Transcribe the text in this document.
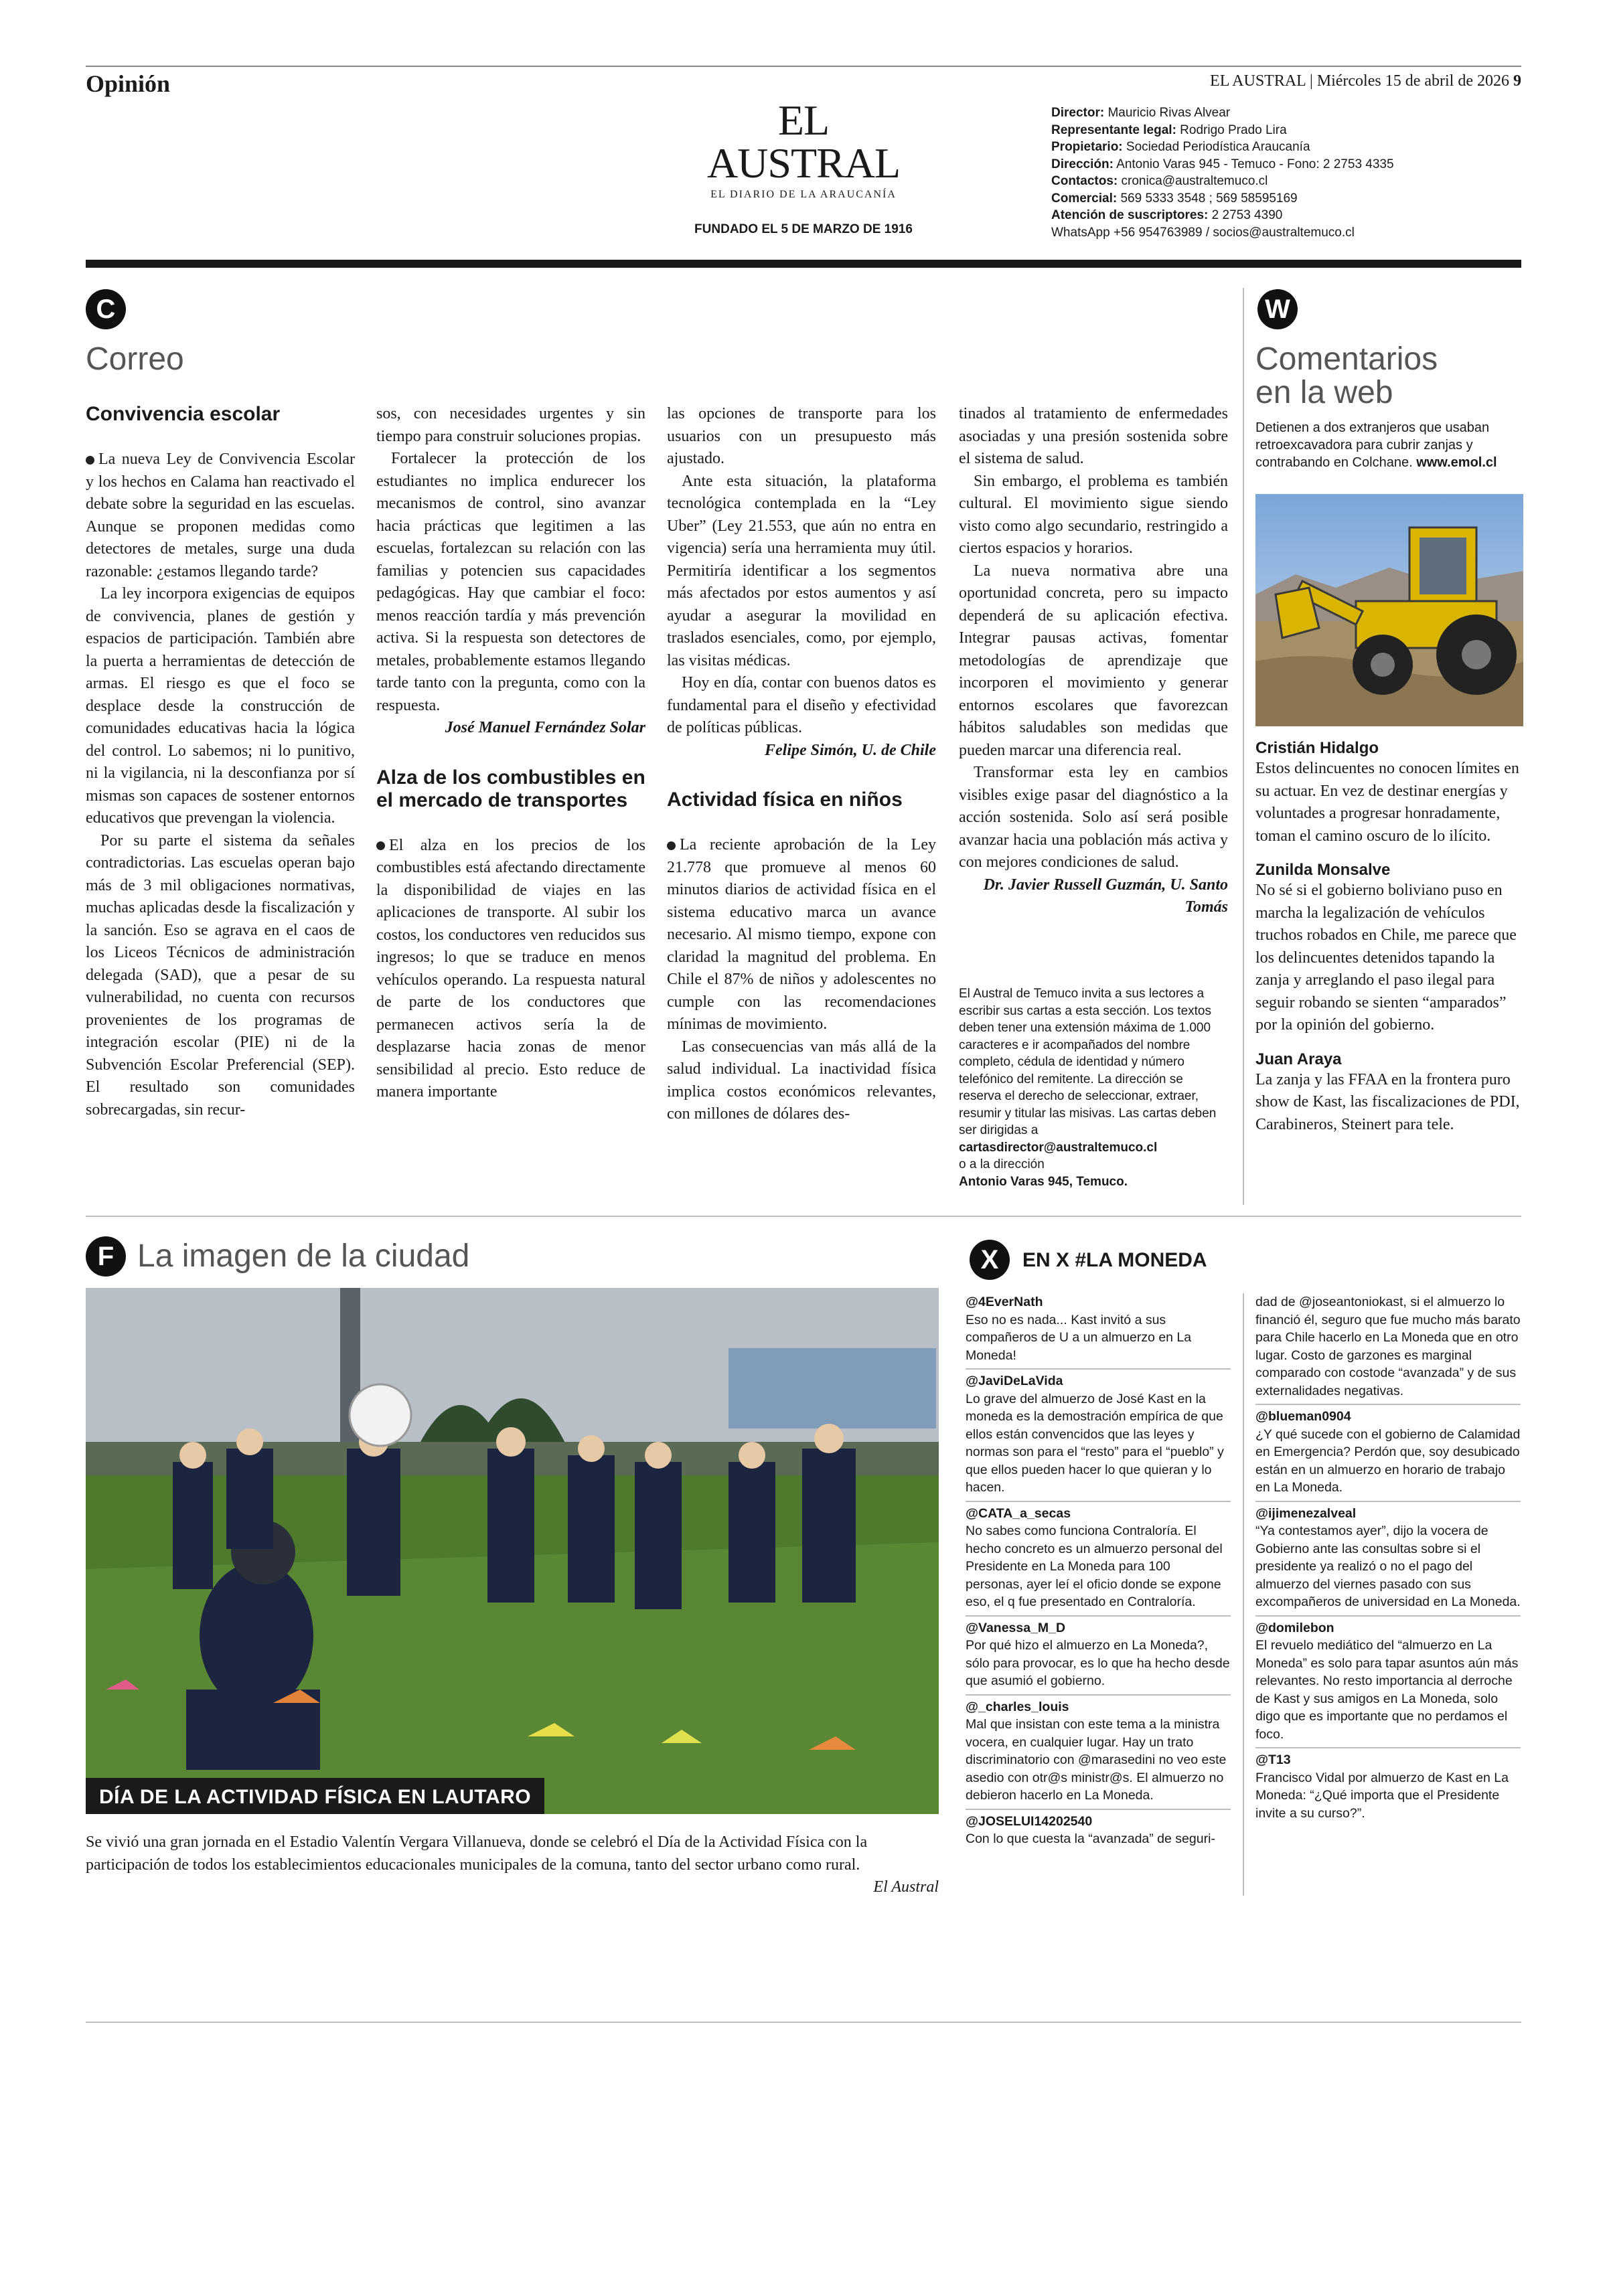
Opinión	EL AUSTRAL | Miércoles 15 de abril de 2026 9
EL AUSTRAL
EL DIARIO DE LA ARAUCANÍA
FUNDADO EL 5 DE MARZO DE 1916
Director: Mauricio Rivas Alvear
Representante legal: Rodrigo Prado Lira
Propietario: Sociedad Periodística Araucanía
Dirección: Antonio Varas 945 - Temuco - Fono: 2 2753 4335
Contactos: cronica@australtemuco.cl
Comercial: 569 5333 3548 ; 569 58595169
Atención de suscriptores: 2 2753 4390
WhatsApp +56 954763989 / socios@australtemuco.cl
C
Correo
Convivencia escolar

La nueva Ley de Convivencia Escolar y los hechos en Calama han reactivado el debate sobre la seguridad en las escuelas. Aunque se proponen medidas como detectores de metales, surge una duda razonable: ¿estamos llegando tarde?

La ley incorpora exigencias de equipos de convivencia, planes de gestión y espacios de participación. También abre la puerta a herramientas de detección de armas. El riesgo es que el foco se desplace desde la construcción de comunidades educativas hacia la lógica del control. Lo sabemos; ni lo punitivo, ni la vigilancia, ni la desconfianza por sí mismas son capaces de sostener entornos educativos que prevengan la violencia.

Por su parte el sistema da señales contradictorias. Las escuelas operan bajo más de 3 mil obligaciones normativas, muchas aplicadas desde la fiscalización y la sanción. Eso se agrava en el caos de los Liceos Técnicos de administración delegada (SAD), que a pesar de su vulnerabilidad, no cuenta con recursos provenientes de los programas de integración escolar (PIE) ni de la Subvención Escolar Preferencial (SEP). El resultado son comunidades sobrecargadas, sin recur-

sos, con necesidades urgentes y sin tiempo para construir soluciones propias.

Fortalecer la protección de los estudiantes no implica endurecer los mecanismos de control, sino avanzar hacia prácticas que legitimen a las escuelas, fortalezcan su relación con las familias y potencien sus capacidades pedagógicas. Hay que cambiar el foco: menos reacción tardía y más prevención activa. Si la respuesta son detectores de metales, probablemente estamos llegando tarde tanto con la pregunta, como con la respuesta.

José Manuel Fernández Solar

Alza de los combustibles en el mercado de transportes

El alza en los precios de los combustibles está afectando directamente la disponibilidad de viajes en las aplicaciones de transporte. Al subir los costos, los conductores ven reducidos sus ingresos; lo que se traduce en menos vehículos operando. La respuesta natural de parte de los conductores que permanecen activos sería la de desplazarse hacia zonas de menor sensibilidad al precio. Esto reduce de manera importante

las opciones de transporte para los usuarios con un presupuesto más ajustado.

Ante esta situación, la plataforma tecnológica contemplada en la “Ley Uber” (Ley 21.553, que aún no entra en vigencia) sería una herramienta muy útil. Permitiría identificar a los segmentos más afectados por estos aumentos y así ayudar a asegurar la movilidad en traslados esenciales, como, por ejemplo, las visitas médicas.

Hoy en día, contar con buenos datos es fundamental para el diseño y efectividad de políticas públicas.

Felipe Simón, U. de Chile

Actividad física en niños

La reciente aprobación de la Ley 21.778 que promueve al menos 60 minutos diarios de actividad física en el sistema educativo marca un avance necesario. Al mismo tiempo, expone con claridad la magnitud del problema. En Chile el 87% de niños y adolescentes no cumple con las recomendaciones mínimas de movimiento.

Las consecuencias van más allá de la salud individual. La inactividad física implica costos económicos relevantes, con millones de dólares des-

tinados al tratamiento de enfermedades asociadas y una presión sostenida sobre el sistema de salud.

Sin embargo, el problema es también cultural. El movimiento sigue siendo visto como algo secundario, restringido a ciertos espacios y horarios.

La nueva normativa abre una oportunidad concreta, pero su impacto dependerá de su aplicación efectiva. Integrar pausas activas, fomentar metodologías de aprendizaje que incorporen el movimiento y generar entornos escolares que favorezcan hábitos saludables son medidas que pueden marcar una diferencia real.

Transformar esta ley en cambios visibles exige pasar del diagnóstico a la acción sostenida. Solo así será posible avanzar hacia una población más activa y con mejores condiciones de salud.

Dr. Javier Russell Guzmán, U. Santo Tomás

El Austral de Temuco invita a sus lectores a escribir sus cartas a esta sección. Los textos deben tener una extensión máxima de 1.000 caracteres e ir acompañados del nombre completo, cédula de identidad y número telefónico del remitente. La dirección se reserva el derecho de seleccionar, extraer, resumir y titular las misivas. Las cartas deben ser dirigidas a
cartasdirector@australtemuco.cl
o a la dirección
Antonio Varas 945, Temuco.
W
Comentarios
en la web
Detienen a dos extranjeros que usaban retroexcavadora para cubrir zanjas y contrabando en Colchane. www.emol.cl
Cristián Hidalgo
Estos delincuentes no conocen límites en su actuar. En vez de destinar energías y voluntades a progresar honradamente, toman el camino oscuro de lo ilícito.
Zunilda Monsalve
No sé si el gobierno boliviano puso en marcha la legalización de vehículos truchos robados en Chile, me parece que los delincuentes detenidos tapando la zanja y arreglando el paso ilegal para seguir robando se sienten “amparados” por la opinión del gobierno.
Juan Araya
La zanja y las FFAA en la frontera puro show de Kast, las fiscalizaciones de PDI, Carabineros, Steinert para tele.
F La imagen de la ciudad
DÍA DE LA ACTIVIDAD FÍSICA EN LAUTARO
Se vivió una gran jornada en el Estadio Valentín Vergara Villanueva, donde se celebró el Día de la Actividad Física con la participación de todos los establecimientos educacionales municipales de la comuna, tanto del sector urbano como rural.
El Austral
X	EN X #LA MONEDA
@4EverNath
Eso no es nada... Kast invitó a sus compañeros de U a un almuerzo en La Moneda!
@JaviDeLaVida
Lo grave del almuerzo de José Kast en la moneda es la demostración empírica de que ellos están convencidos que las leyes y normas son para el “resto” para el “pueblo” y que ellos pueden hacer lo que quieran y lo hacen.
@CATA_a_secas
No sabes como funciona Contraloría. El hecho concreto es un almuerzo personal del Presidente en La Moneda para 100 personas, ayer leí el oficio donde se expone eso, el q fue presentado en Contraloría.
@Vanessa_M_D
Por qué hizo el almuerzo en La Moneda?, sólo para provocar, es lo que ha hecho desde que asumió el gobierno.
@_charles_louis
Mal que insistan con este tema a la ministra vocera, en cualquier lugar. Hay un trato discriminatorio con @marasedini no veo este asedio con otr@s ministr@s. El almuerzo no debieron hacerlo en La Moneda.
@JOSELUI14202540
Con lo que cuesta la “avanzada” de seguri-
dad de @joseantoniokast, si el almuerzo lo financió él, seguro que fue mucho más barato para Chile hacerlo en La Moneda que en otro lugar. Costo de garzones es marginal comparado con costode “avanzada” y de sus externalidades negativas.
@blueman0904
¿Y qué sucede con el gobierno de Calamidad en Emergencia? Perdón que, soy desubicado están en un almuerzo en horario de trabajo en La Moneda.
@ijimenezalveal
“Ya contestamos ayer”, dijo la vocera de Gobierno ante las consultas sobre si el presidente ya realizó o no el pago del almuerzo del viernes pasado con sus excompañeros de universidad en La Moneda.
@domilebon
El revuelo mediático del “almuerzo en La Moneda” es solo para tapar asuntos aún más relevantes. No resto importancia al derroche de Kast y sus amigos en La Moneda, solo digo que es importante que no perdamos el foco.
@T13
Francisco Vidal por almuerzo de Kast en La Moneda: “¿Qué importa que el Presidente invite a su curso?”.
